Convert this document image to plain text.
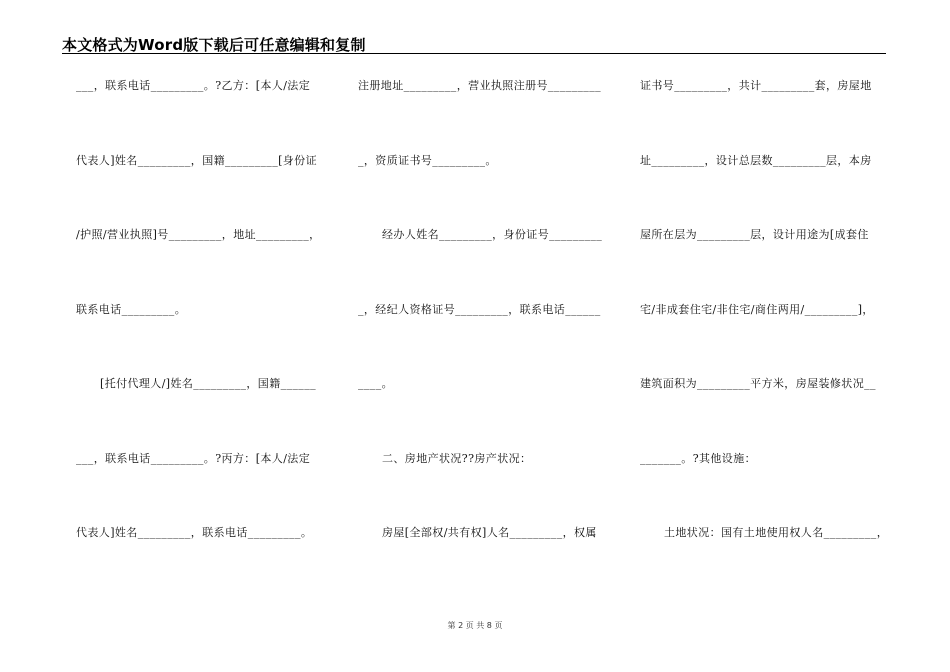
本文格式为Word版下载后可任意编辑和复制
___，联系电话_________。?乙方：[本人/法定
代表人]姓名_________，国籍_________[身份证
/护照/营业执照]号_________，地址_________，
联系电话_________。
[托付代理人/]姓名_________，国籍______
___，联系电话_________。?丙方：[本人/法定
代表人]姓名_________，联系电话_________。
注册地址_________，营业执照注册号_________
_，资质证书号_________。
经办人姓名_________，身份证号_________
_，经纪人资格证号_________，联系电话______
____。
二、房地产状况??房产状况：
房屋[全部权/共有权]人名_________，权属
证书号_________，共计_________套，房屋地
址_________，设计总层数_________层，本房
屋所在层为_________层，设计用途为[成套住
宅/非成套住宅/非住宅/商住两用/_________]，
建筑面积为_________平方米，房屋装修状况__
_______。?其他设施：
土地状况：国有土地使用权人名_________，
第 2 页 共 8 页
